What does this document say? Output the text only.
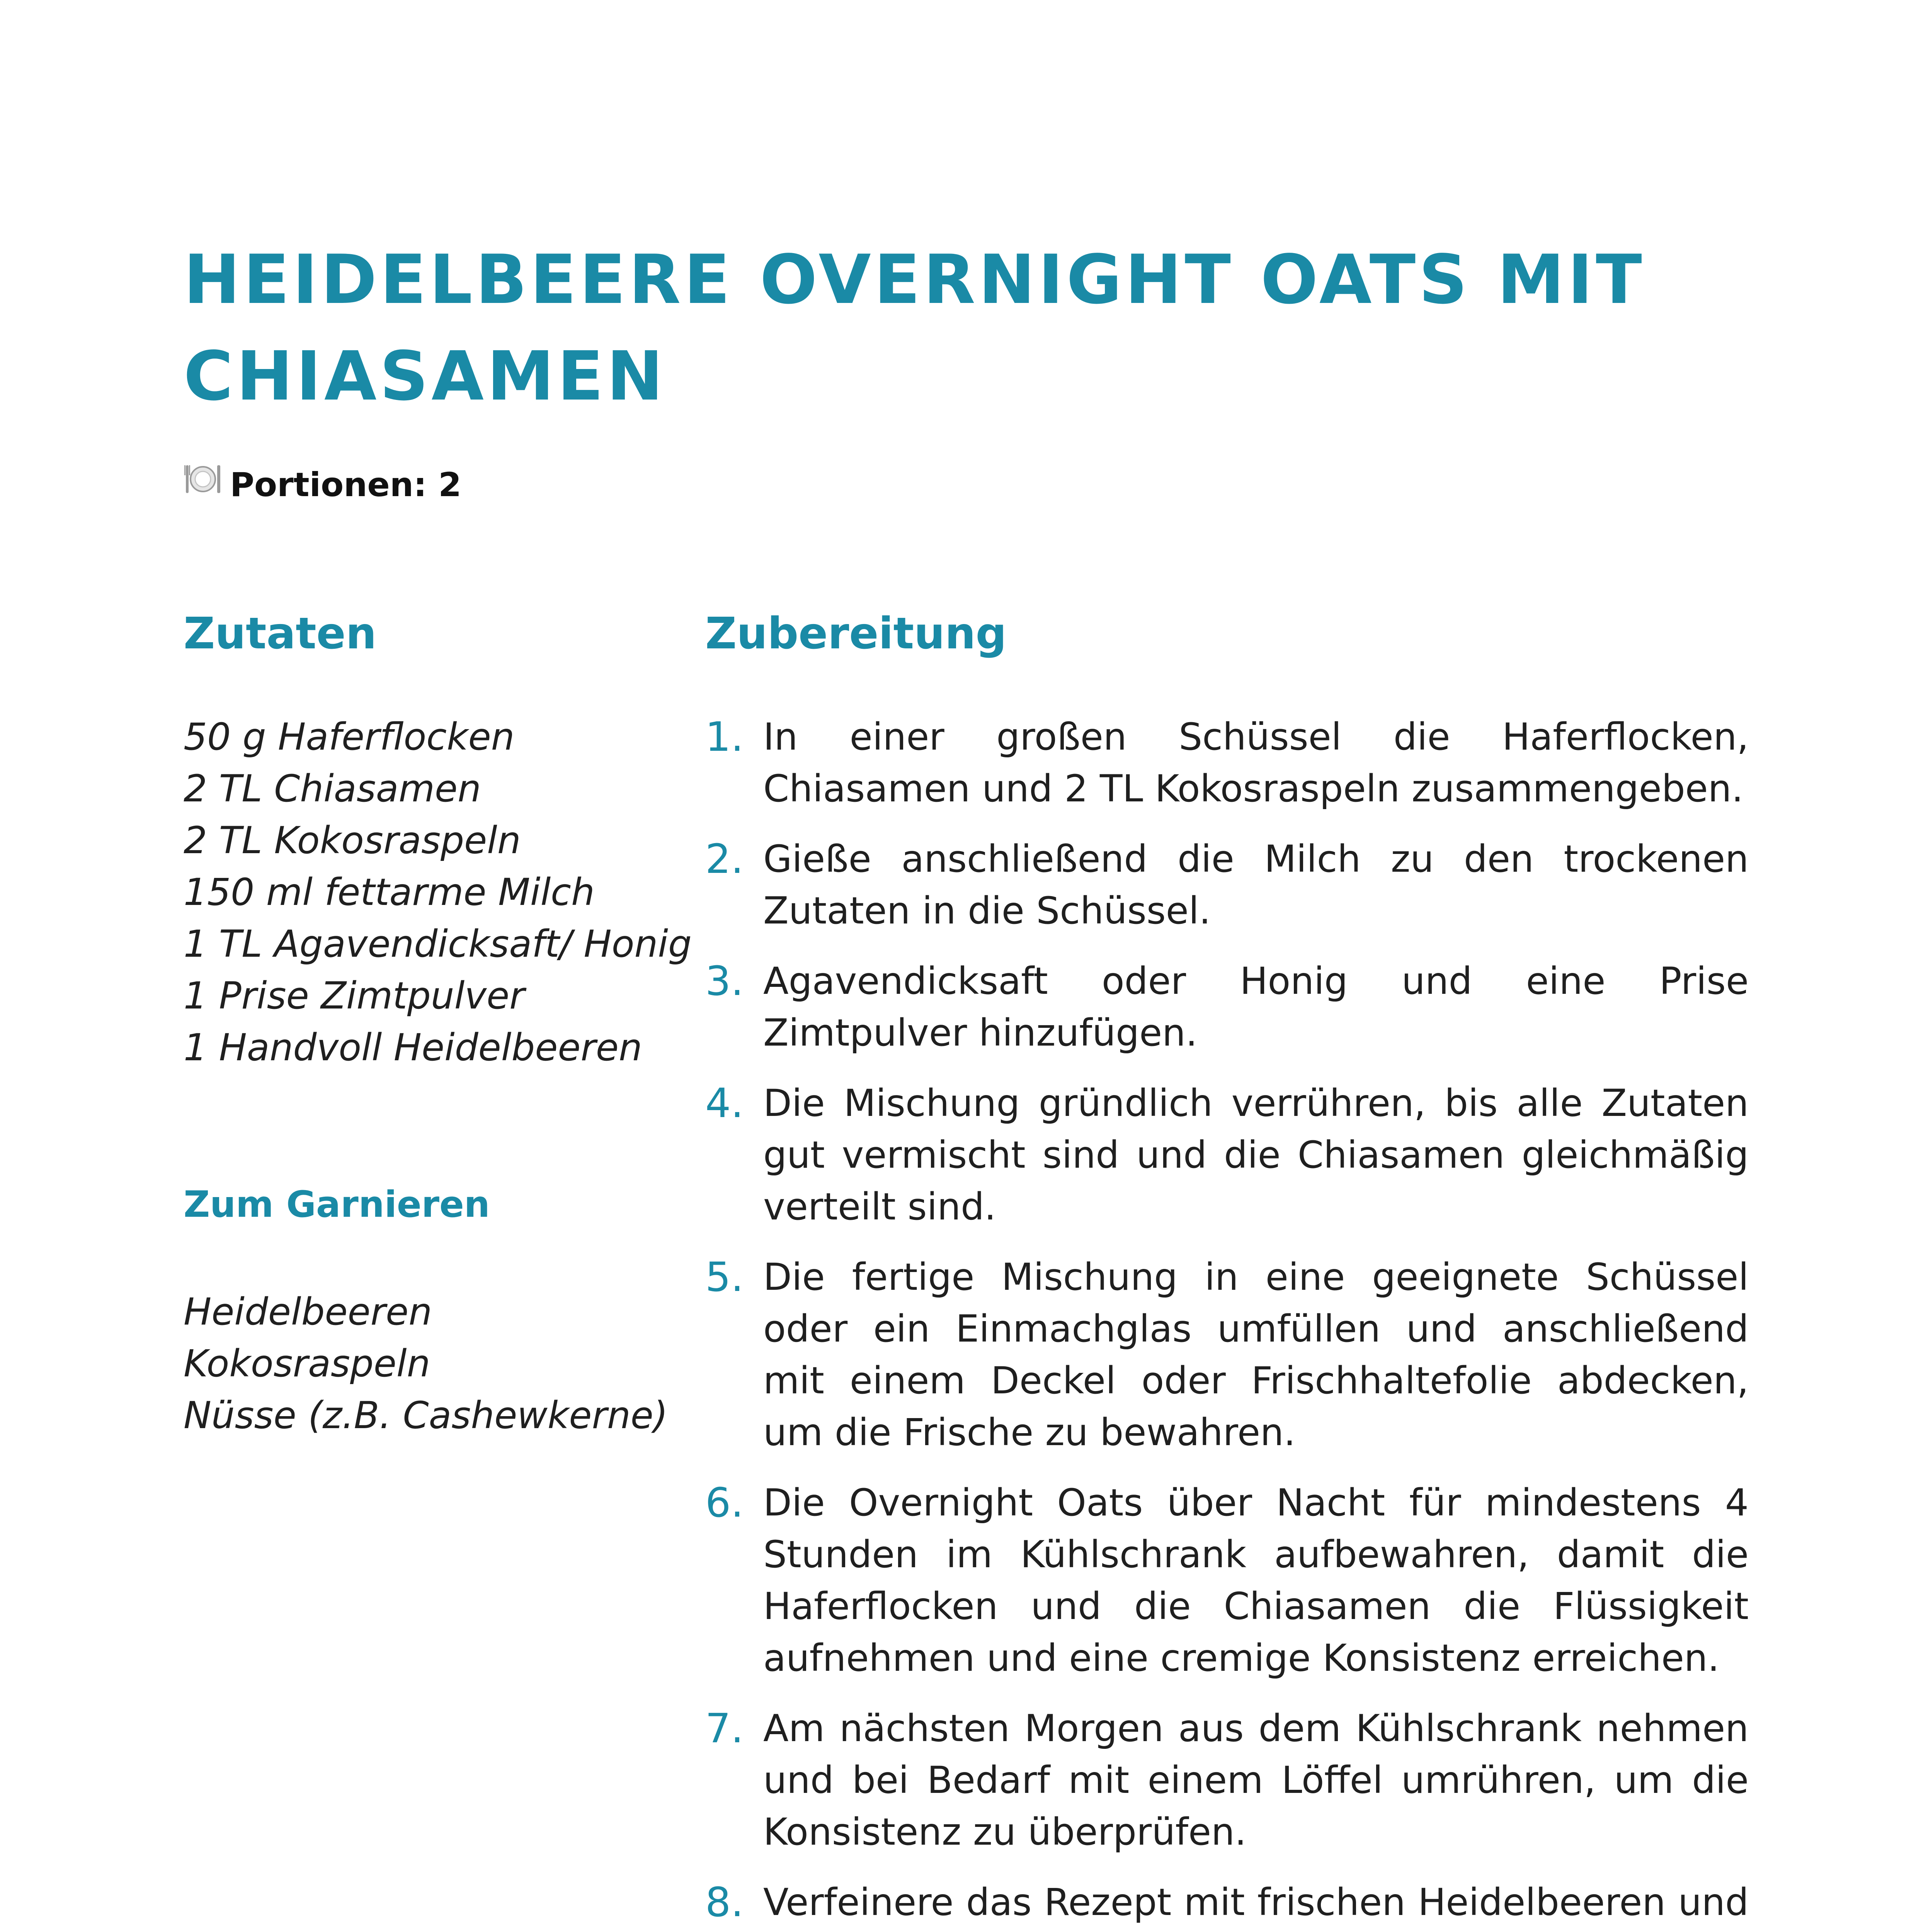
HEIDELBEERE OVERNIGHT OATS MIT CHIASAMEN
Portionen: 2
Zutaten
50 g Haferflocken
2 TL Chiasamen
2 TL Kokosraspeln
150 ml fettarme Milch
1 TL Agavendicksaft/ Honig
1 Prise Zimtpulver
1 Handvoll Heidelbeeren
Zum Garnieren
Heidelbeeren
Kokosraspeln
Nüsse (z.B. Cashewkerne)
Zubereitung
1. In einer großen Schüssel die Haferflocken, Chiasamen und 2 TL Kokosraspeln zusammengeben.
2. Gieße anschließend die Milch zu den trockenen Zutaten in die Schüssel.
3. Agavendicksaft oder Honig und eine Prise Zimtpulver hinzufügen.
4. Die Mischung gründlich verrühren, bis alle Zutaten gut vermischt sind und die Chiasamen gleichmäßig verteilt sind.
5. Die fertige Mischung in eine geeignete Schüssel oder ein Einmachglas umfüllen und anschließend mit einem Deckel oder Frischhaltefolie abdecken, um die Frische zu bewahren.
6. Die Overnight Oats über Nacht für mindestens 4 Stunden im Kühlschrank aufbewahren, damit die Haferflocken und die Chiasamen die Flüssigkeit aufnehmen und eine cremige Konsistenz erreichen.
7. Am nächsten Morgen aus dem Kühlschrank nehmen und bei Bedarf mit einem Löffel umrühren, um die Konsistenz zu überprüfen.
8. Verfeinere das Rezept mit frischen Heidelbeeren und
